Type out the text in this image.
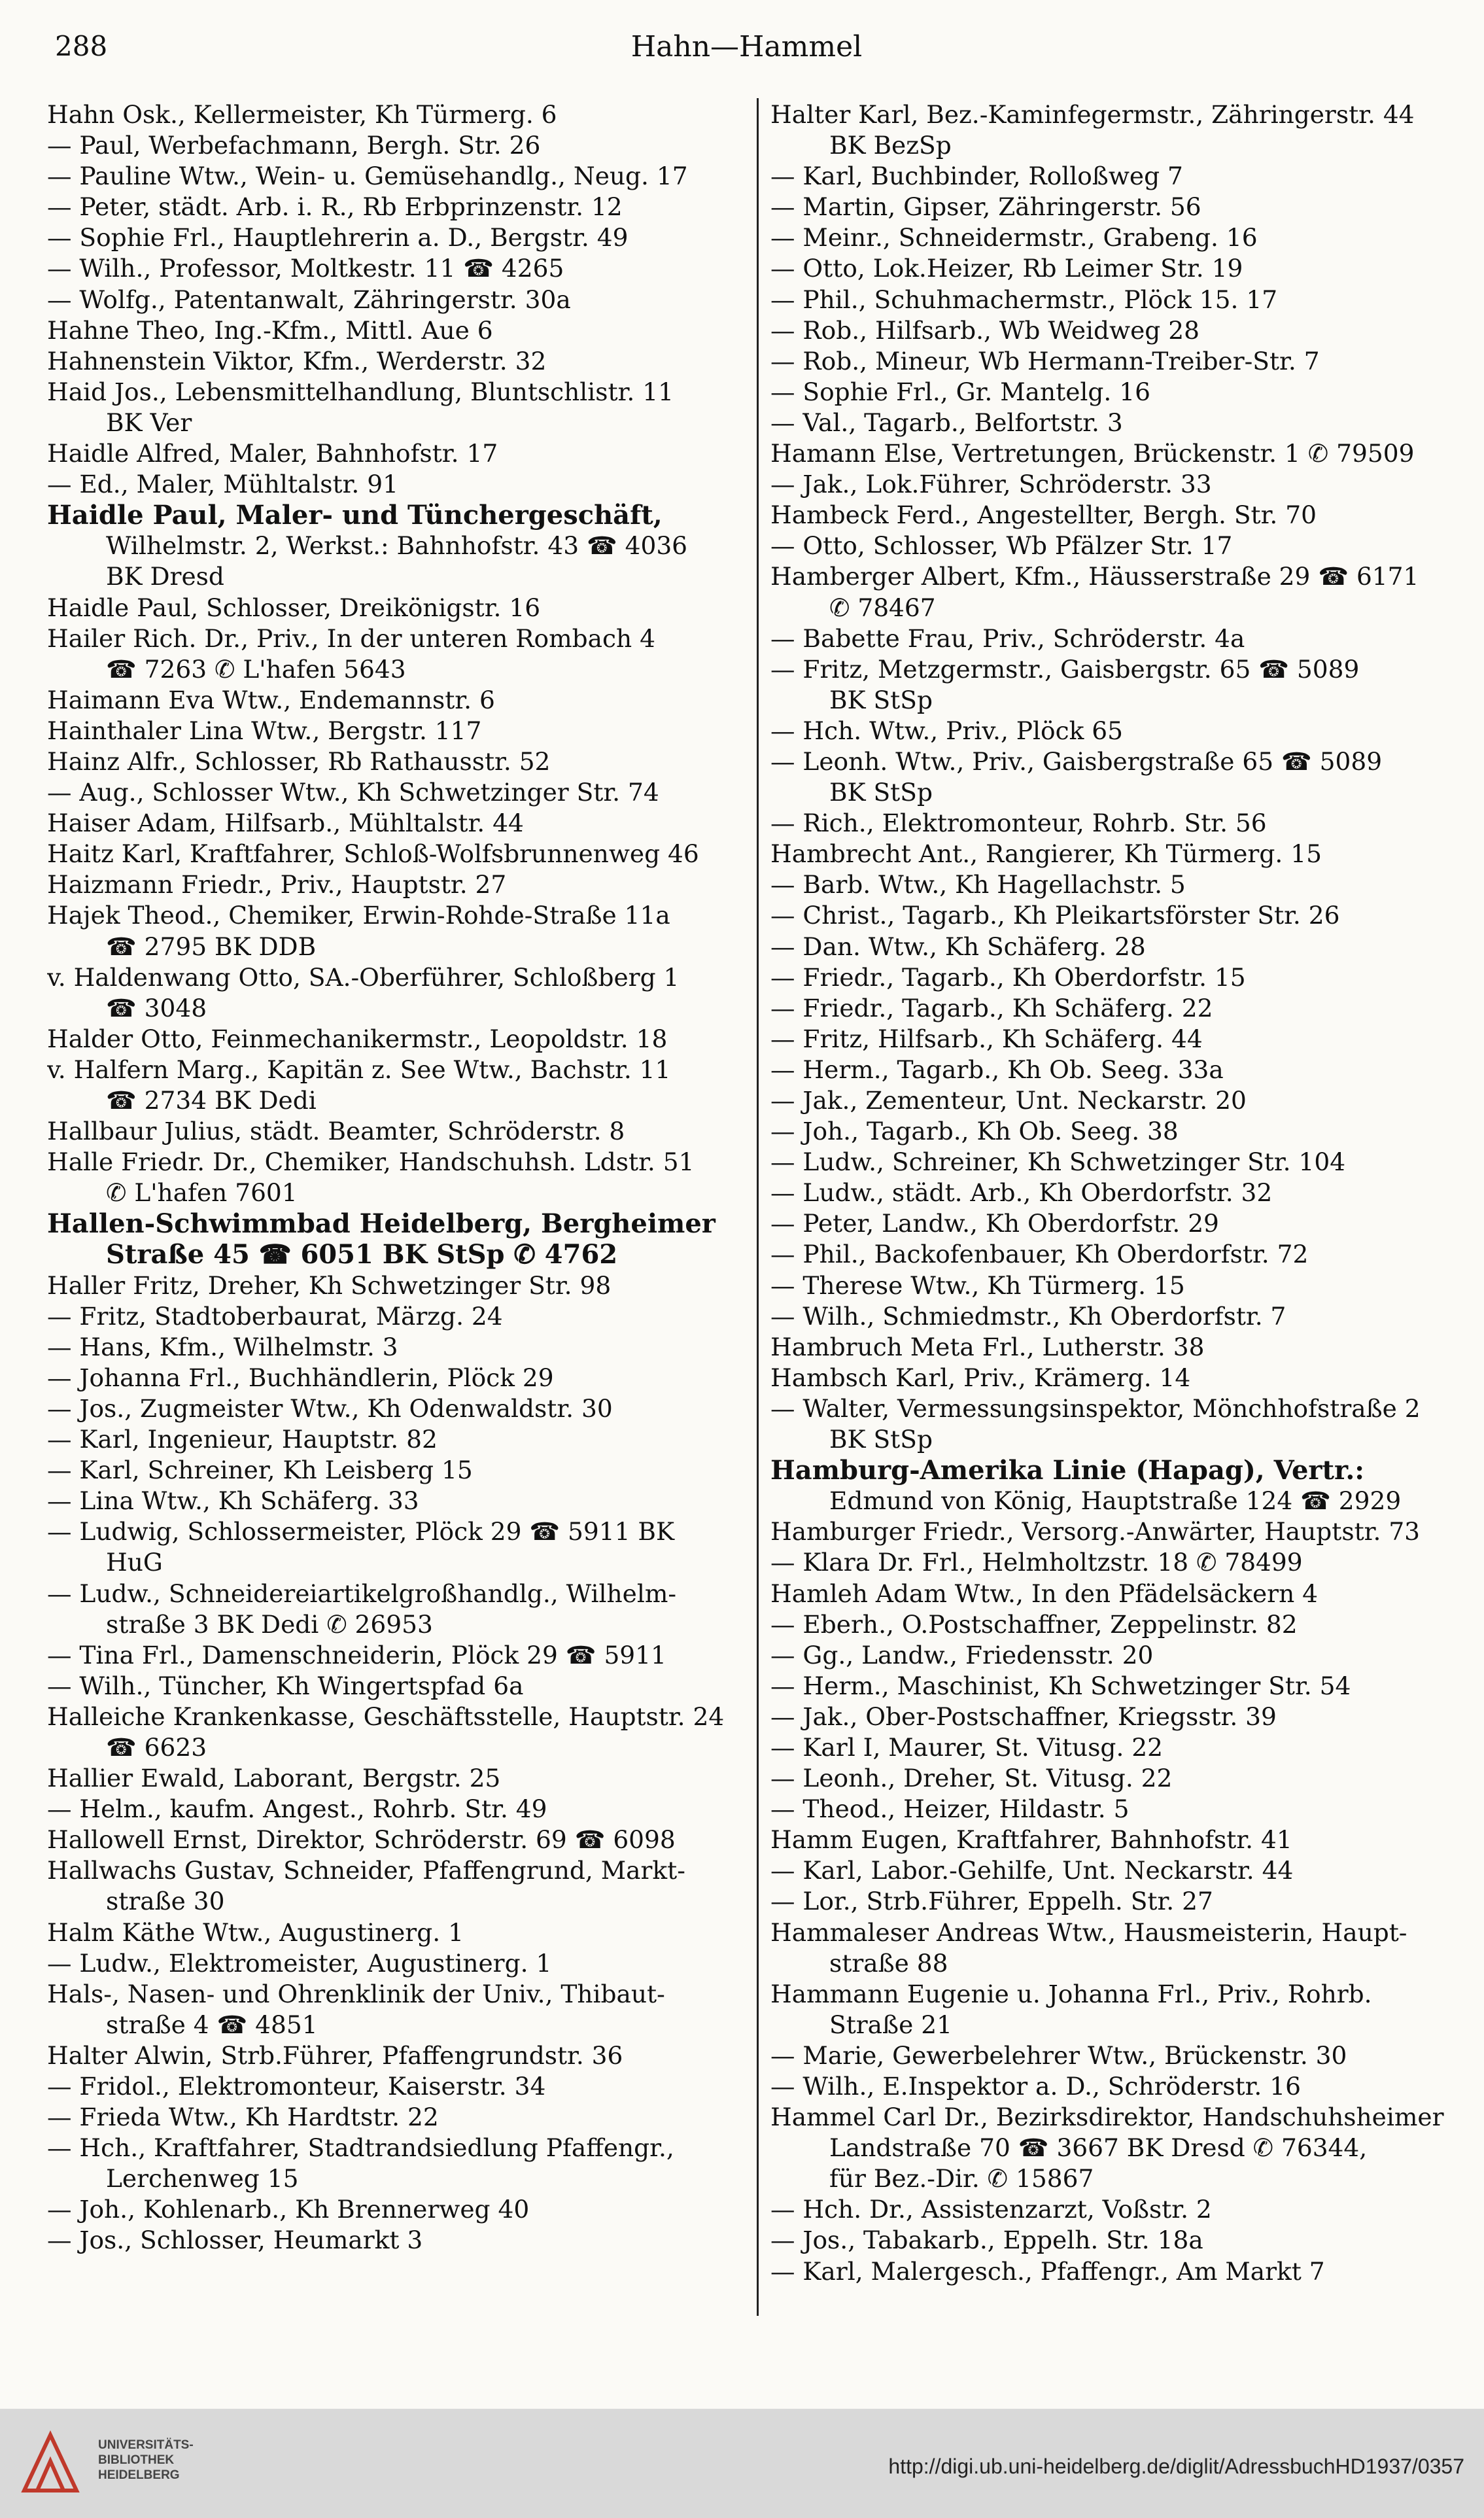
288	Hahn—Hammel
Hahn Osk., Kellermeister, Kh Türmerg. 6
— Paul, Werbefachmann, Bergh. Str. 26
— Pauline Wtw., Wein- u. Gemüsehandlg., Neug. 17
— Peter, städt. Arb. i. R., Rb Erbprinzenstr. 12
— Sophie Frl., Hauptlehrerin a. D., Bergstr. 49
— Wilh., Professor, Moltkestr. 11 ☎ 4265
— Wolfg., Patentanwalt, Zähringerstr. 30a
Hahne Theo, Ing.-Kfm., Mittl. Aue 6
Hahnenstein Viktor, Kfm., Werderstr. 32
Haid Jos., Lebensmittelhandlung, Bluntschlistr. 11
BK Ver
Haidle Alfred, Maler, Bahnhofstr. 17
— Ed., Maler, Mühltalstr. 91
Haidle Paul, Maler- und Tünchergeschäft,
Wilhelmstr. 2, Werkst.: Bahnhofstr. 43 ☎ 4036
BK Dresd
Haidle Paul, Schlosser, Dreikönigstr. 16
Hailer Rich. Dr., Priv., In der unteren Rombach 4
☎ 7263 ✆ L'hafen 5643
Haimann Eva Wtw., Endemannstr. 6
Hainthaler Lina Wtw., Bergstr. 117
Hainz Alfr., Schlosser, Rb Rathausstr. 52
— Aug., Schlosser Wtw., Kh Schwetzinger Str. 74
Haiser Adam, Hilfsarb., Mühltalstr. 44
Haitz Karl, Kraftfahrer, Schloß-Wolfsbrunnenweg 46
Haizmann Friedr., Priv., Hauptstr. 27
Hajek Theod., Chemiker, Erwin-Rohde-Straße 11a
☎ 2795 BK DDB
v. Haldenwang Otto, SA.-Oberführer, Schloßberg 1
☎ 3048
Halder Otto, Feinmechanikermstr., Leopoldstr. 18
v. Halfern Marg., Kapitän z. See Wtw., Bachstr. 11
☎ 2734 BK Dedi
Hallbaur Julius, städt. Beamter, Schröderstr. 8
Halle Friedr. Dr., Chemiker, Handschuhsh. Ldstr. 51
✆ L'hafen 7601
Hallen-Schwimmbad Heidelberg, Bergheimer
Straße 45 ☎ 6051 BK StSp ✆ 4762
Haller Fritz, Dreher, Kh Schwetzinger Str. 98
— Fritz, Stadtoberbaurat, Märzg. 24
— Hans, Kfm., Wilhelmstr. 3
— Johanna Frl., Buchhändlerin, Plöck 29
— Jos., Zugmeister Wtw., Kh Odenwaldstr. 30
— Karl, Ingenieur, Hauptstr. 82
— Karl, Schreiner, Kh Leisberg 15
— Lina Wtw., Kh Schäferg. 33
— Ludwig, Schlossermeister, Plöck 29 ☎ 5911 BK
HuG
— Ludw., Schneidereiartikelgroßhandlg., Wilhelm-
straße 3 BK Dedi ✆ 26953
— Tina Frl., Damenschneiderin, Plöck 29 ☎ 5911
— Wilh., Tüncher, Kh Wingertspfad 6a
Halleiche Krankenkasse, Geschäftsstelle, Hauptstr. 24
☎ 6623
Hallier Ewald, Laborant, Bergstr. 25
— Helm., kaufm. Angest., Rohrb. Str. 49
Hallowell Ernst, Direktor, Schröderstr. 69 ☎ 6098
Hallwachs Gustav, Schneider, Pfaffengrund, Markt-
straße 30
Halm Käthe Wtw., Augustinerg. 1
— Ludw., Elektromeister, Augustinerg. 1
Hals-, Nasen- und Ohrenklinik der Univ., Thibaut-
straße 4 ☎ 4851
Halter Alwin, Strb.Führer, Pfaffengrundstr. 36
— Fridol., Elektromonteur, Kaiserstr. 34
— Frieda Wtw., Kh Hardtstr. 22
— Hch., Kraftfahrer, Stadtrandsiedlung Pfaffengr.,
Lerchenweg 15
— Joh., Kohlenarb., Kh Brennerweg 40
— Jos., Schlosser, Heumarkt 3
Halter Karl, Bez.-Kaminfegermstr., Zähringerstr. 44
BK BezSp
— Karl, Buchbinder, Rolloßweg 7
— Martin, Gipser, Zähringerstr. 56
— Meinr., Schneidermstr., Grabeng. 16
— Otto, Lok.Heizer, Rb Leimer Str. 19
— Phil., Schuhmachermstr., Plöck 15. 17
— Rob., Hilfsarb., Wb Weidweg 28
— Rob., Mineur, Wb Hermann-Treiber-Str. 7
— Sophie Frl., Gr. Mantelg. 16
— Val., Tagarb., Belfortstr. 3
Hamann Else, Vertretungen, Brückenstr. 1 ✆ 79509
— Jak., Lok.Führer, Schröderstr. 33
Hambeck Ferd., Angestellter, Bergh. Str. 70
— Otto, Schlosser, Wb Pfälzer Str. 17
Hamberger Albert, Kfm., Häusserstraße 29 ☎ 6171
✆ 78467
— Babette Frau, Priv., Schröderstr. 4a
— Fritz, Metzgermstr., Gaisbergstr. 65 ☎ 5089
BK StSp
— Hch. Wtw., Priv., Plöck 65
— Leonh. Wtw., Priv., Gaisbergstraße 65 ☎ 5089
BK StSp
— Rich., Elektromonteur, Rohrb. Str. 56
Hambrecht Ant., Rangierer, Kh Türmerg. 15
— Barb. Wtw., Kh Hagellachstr. 5
— Christ., Tagarb., Kh Pleikartsförster Str. 26
— Dan. Wtw., Kh Schäferg. 28
— Friedr., Tagarb., Kh Oberdorfstr. 15
— Friedr., Tagarb., Kh Schäferg. 22
— Fritz, Hilfsarb., Kh Schäferg. 44
— Herm., Tagarb., Kh Ob. Seeg. 33a
— Jak., Zementeur, Unt. Neckarstr. 20
— Joh., Tagarb., Kh Ob. Seeg. 38
— Ludw., Schreiner, Kh Schwetzinger Str. 104
— Ludw., städt. Arb., Kh Oberdorfstr. 32
— Peter, Landw., Kh Oberdorfstr. 29
— Phil., Backofenbauer, Kh Oberdorfstr. 72
— Therese Wtw., Kh Türmerg. 15
— Wilh., Schmiedmstr., Kh Oberdorfstr. 7
Hambruch Meta Frl., Lutherstr. 38
Hambsch Karl, Priv., Krämerg. 14
— Walter, Vermessungsinspektor, Mönchhofstraße 2
BK StSp
Hamburg-Amerika Linie (Hapag), Vertr.:
Edmund von König, Hauptstraße 124 ☎ 2929
Hamburger Friedr., Versorg.-Anwärter, Hauptstr. 73
— Klara Dr. Frl., Helmholtzstr. 18 ✆ 78499
Hamleh Adam Wtw., In den Pfädelsäckern 4
— Eberh., O.Postschaffner, Zeppelinstr. 82
— Gg., Landw., Friedensstr. 20
— Herm., Maschinist, Kh Schwetzinger Str. 54
— Jak., Ober-Postschaffner, Kriegsstr. 39
— Karl I, Maurer, St. Vitusg. 22
— Leonh., Dreher, St. Vitusg. 22
— Theod., Heizer, Hildastr. 5
Hamm Eugen, Kraftfahrer, Bahnhofstr. 41
— Karl, Labor.-Gehilfe, Unt. Neckarstr. 44
— Lor., Strb.Führer, Eppelh. Str. 27
Hammaleser Andreas Wtw., Hausmeisterin, Haupt-
straße 88
Hammann Eugenie u. Johanna Frl., Priv., Rohrb.
Straße 21
— Marie, Gewerbelehrer Wtw., Brückenstr. 30
— Wilh., E.Inspektor a. D., Schröderstr. 16
Hammel Carl Dr., Bezirksdirektor, Handschuhsheimer
Landstraße 70 ☎ 3667 BK Dresd ✆ 76344,
für Bez.-Dir. ✆ 15867
— Hch. Dr., Assistenzarzt, Voßstr. 2
— Jos., Tabakarb., Eppelh. Str. 18a
— Karl, Malergesch., Pfaffengr., Am Markt 7
UNIVERSITÄTS-
BIBLIOTHEK
HEIDELBERG	http://digi.ub.uni-heidelberg.de/diglit/AdressbuchHD1937/0357
